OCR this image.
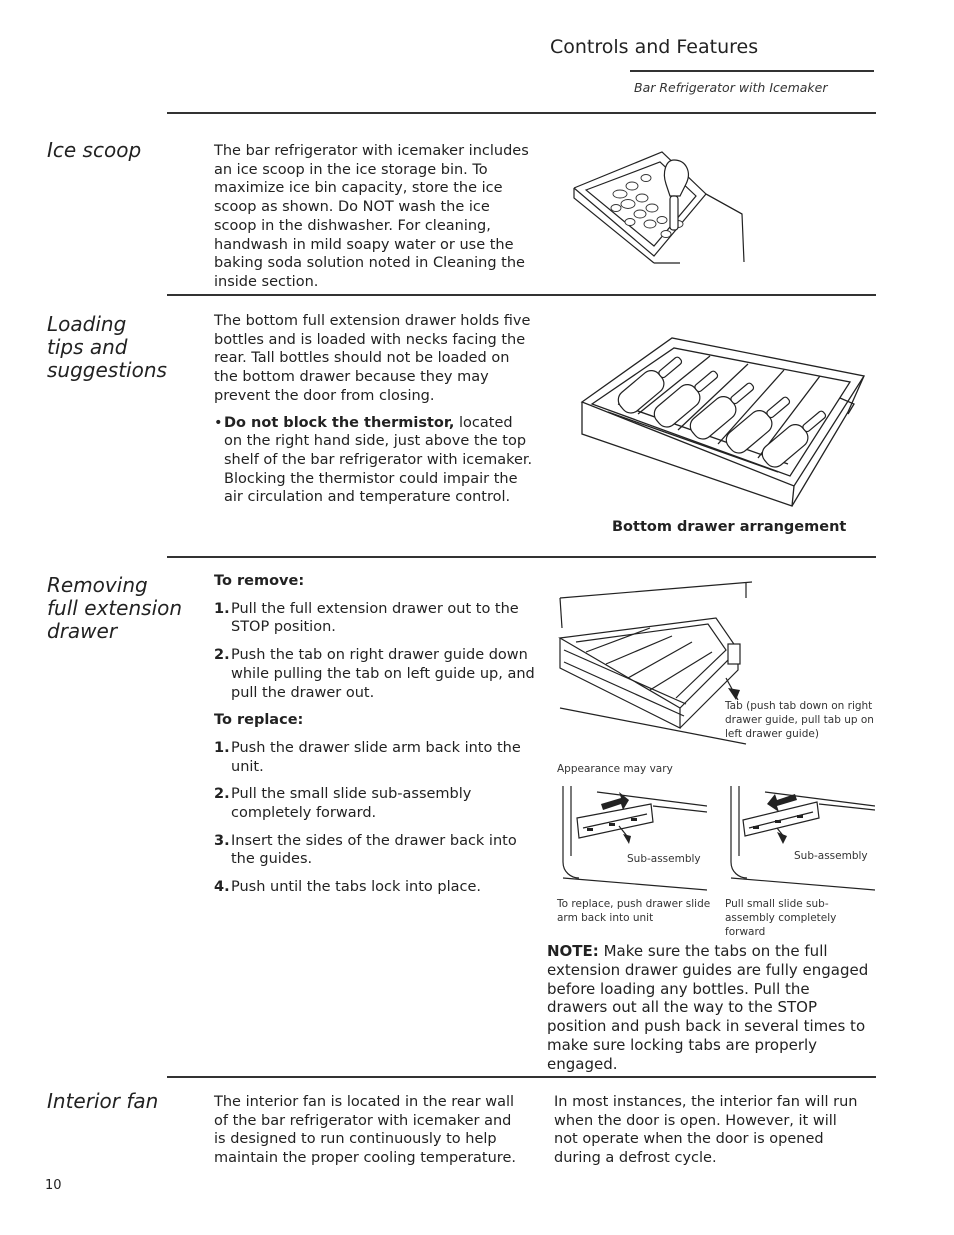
Controls and Features
Bar Refrigerator with Icemaker
Ice scoop	The bar refrigerator with icemaker includes an ice scoop in the ice storage bin. To maximize ice bin capacity, store the ice scoop as shown. Do NOT wash the ice scoop in the dishwasher. For cleaning, handwash in mild soapy water or use the baking soda solution noted in Cleaning the inside section.
Loading
tips and
suggestions

The bottom full extension drawer holds five bottles and is loaded with necks facing the rear. Tall bottles should not be loaded on the bottom drawer because they may prevent the door from closing.

• Do not block the thermistor, located on the right hand side, just above the top shelf of the bar refrigerator with icemaker. Blocking the thermistor could impair the air circulation and temperature control.

Bottom drawer arrangement
Removing
full extension
drawer

To remove:

1. Pull the full extension drawer out to the STOP position.
2. Push the tab on right drawer guide down while pulling the tab on left guide up, and pull the drawer out.

To replace:

1. Push the drawer slide arm back into the unit.
2. Pull the small slide sub-assembly completely forward.
3. Insert the sides of the drawer back into the guides.
4. Push until the tabs lock into place.
Tab (push tab down on right drawer guide, pull tab up on left drawer guide)
Appearance may vary
Sub-assembly	Sub-assembly
To replace, push drawer slide arm back into unit
Pull small slide sub-assembly completely forward
NOTE: Make sure the tabs on the full extension drawer guides are fully engaged before loading any bottles. Pull the drawers out all the way to the STOP position and push back in several times to make sure locking tabs are properly engaged.
Interior fan	The interior fan is located in the rear wall of the bar refrigerator with icemaker and is designed to run continuously to help maintain the proper cooling temperature.
In most instances, the interior fan will run when the door is open. However, it will not operate when the door is opened during a defrost cycle.
10
